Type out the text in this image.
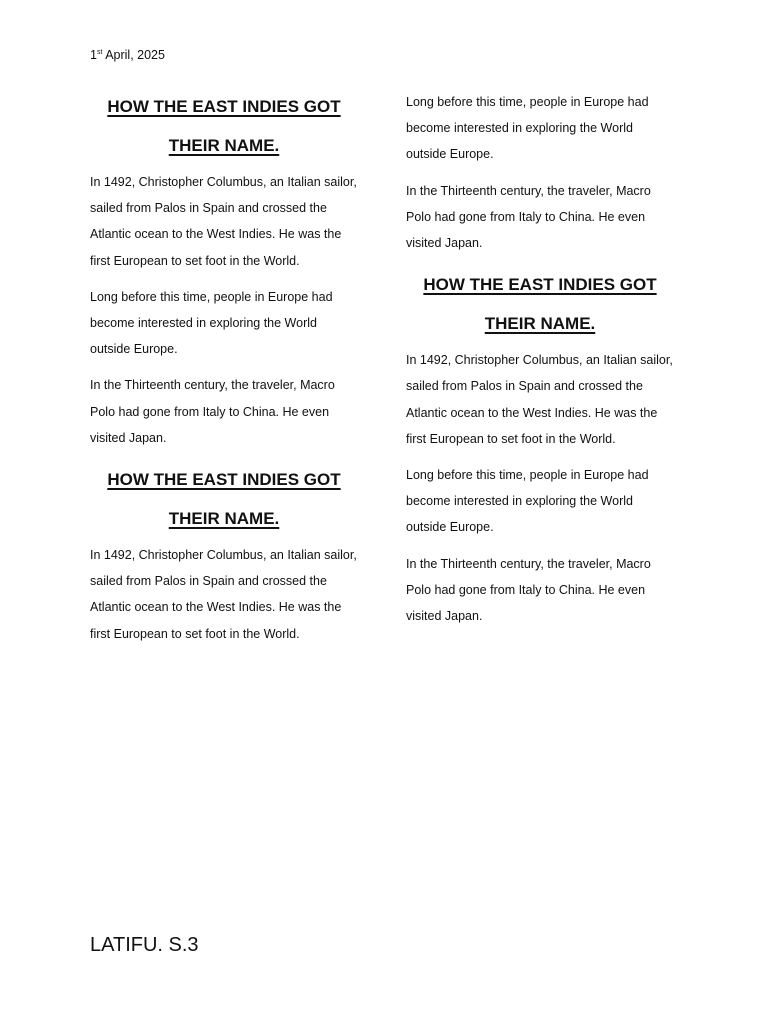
1st April, 2025
HOW THE EAST INDIES GOT
THEIR NAME.
In 1492, Christopher Columbus, an Italian sailor,
sailed from Palos in Spain and crossed the
Atlantic ocean to the West Indies. He was the
first European to set foot in the World.
Long before this time, people in Europe had
become interested in exploring the World
outside Europe.
In the Thirteenth century, the traveler, Macro
Polo had gone from Italy to China. He even
visited Japan.
HOW THE EAST INDIES GOT
THEIR NAME.
In 1492, Christopher Columbus, an Italian sailor,
sailed from Palos in Spain and crossed the
Atlantic ocean to the West Indies. He was the
first European to set foot in the World.
Long before this time, people in Europe had
become interested in exploring the World
outside Europe.
In the Thirteenth century, the traveler, Macro
Polo had gone from Italy to China. He even
visited Japan.
HOW THE EAST INDIES GOT
THEIR NAME.
In 1492, Christopher Columbus, an Italian sailor,
sailed from Palos in Spain and crossed the
Atlantic ocean to the West Indies. He was the
first European to set foot in the World.
Long before this time, people in Europe had
become interested in exploring the World
outside Europe.
In the Thirteenth century, the traveler, Macro
Polo had gone from Italy to China. He even
visited Japan.
LATIFU. S.3
